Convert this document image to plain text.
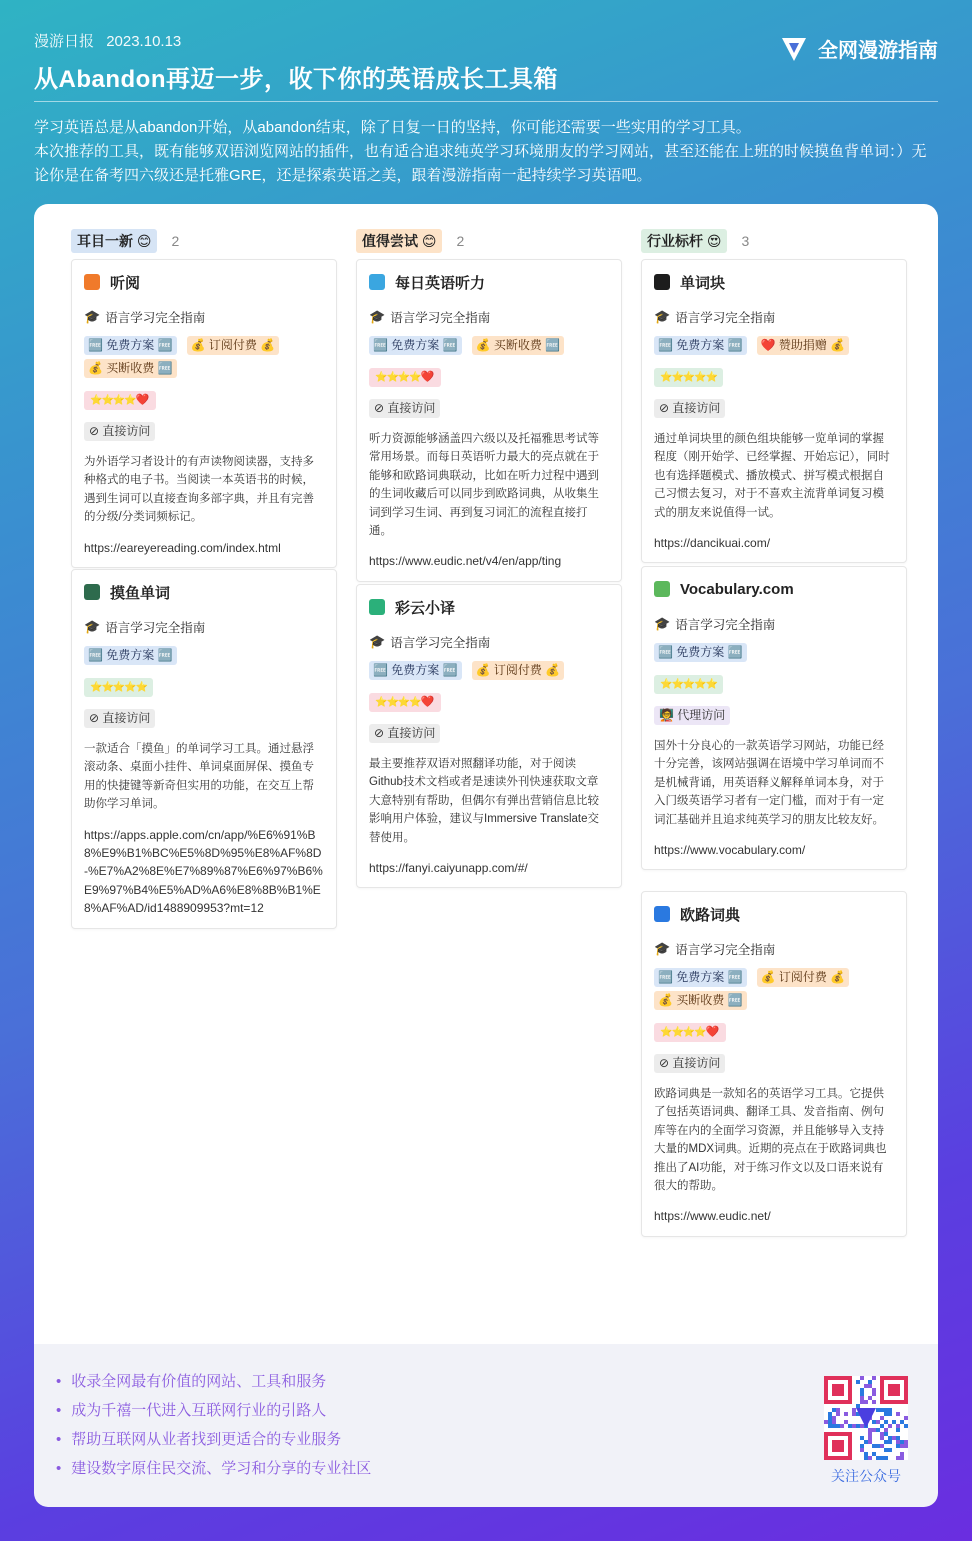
漫游日报 2023.10.13
从Abandon再迈一步，收下你的英语成长工具箱
全网漫游指南

学习英语总是从abandon开始，从abandon结束，除了日复一日的坚持，你可能还需要一些实用的学习工具。

本次推荐的工具，既有能够双语浏览网站的插件，也有适合追求纯英学习环境朋友的学习网站，甚至还能在上班的时候摸鱼背单词：）无论你是在备考四六级还是托雅GRE，还是探索英语之美，跟着漫游指南一起持续学习英语吧。

耳目一新 😊	2
听阅
🎓 语言学习完全指南
🆓 免费方案 🆓	💰 订阅付费 💰
💰 买断收费 🆓
⭐⭐⭐⭐❤️
⊘ 直接访问
为外语学习者设计的有声读物阅读器，支持多种格式的电子书。当阅读一本英语书的时候，遇到生词可以直接查询多部字典，并且有完善的分级/分类词频标记。
https://eareyereading.com/index.html
摸鱼单词
🎓 语言学习完全指南
🆓 免费方案 🆓
⭐⭐⭐⭐⭐
⊘ 直接访问
一款适合「摸鱼」的单词学习工具。通过悬浮滚动条、桌面小挂件、单词桌面屏保、摸鱼专用的快捷键等新奇但实用的功能，在交互上帮助你学习单词。
https://apps.apple.com/cn/app/%E6%91%B8%E9%B1%BC%E5%8D%95%E8%AF%8D-%E7%A2%8E%E7%89%87%E6%97%B6%E9%97%B4%E5%AD%A6%E8%8B%B1%E8%AF%AD/id1488909953?mt=12
值得尝试 😊	2
每日英语听力
🎓 语言学习完全指南
🆓 免费方案 🆓	💰 买断收费 🆓
⭐⭐⭐⭐❤️
⊘ 直接访问
听力资源能够涵盖四六级以及托福雅思考试等常用场景。而每日英语听力最大的亮点就在于能够和欧路词典联动，比如在听力过程中遇到的生词收藏后可以同步到欧路词典，从收集生词到学习生词、再到复习词汇的流程直接打通。
https://www.eudic.net/v4/en/app/ting
彩云小译
🎓 语言学习完全指南
🆓 免费方案 🆓	💰 订阅付费 💰
⭐⭐⭐⭐❤️
⊘ 直接访问
最主要推荐双语对照翻译功能，对于阅读Github技术文档或者是速读外刊快速获取文章大意特别有帮助，但偶尔有弹出营销信息比较影响用户体验，建议与Immersive Translate交替使用。
https://fanyi.caiyunapp.com/#/
行业标杆 😍	3
单词块
🎓 语言学习完全指南
🆓 免费方案 🆓	❤️ 赞助捐赠 💰
⭐⭐⭐⭐⭐
⊘ 直接访问
通过单词块里的颜色组块能够一览单词的掌握程度（刚开始学、已经掌握、开始忘记），同时也有选择题模式、播放模式、拼写模式根据自己习惯去复习，对于不喜欢主流背单词复习模式的朋友来说值得一试。
https://dancikuai.com/
Vocabulary.com
🎓 语言学习完全指南
🆓 免费方案 🆓
⭐⭐⭐⭐⭐
🧑‍🏫 代理访问
国外十分良心的一款英语学习网站，功能已经十分完善，该网站强调在语境中学习单词而不是机械背诵，用英语释义解释单词本身，对于入门级英语学习者有一定门槛，而对于有一定词汇基础并且追求纯英学习的朋友比较友好。
https://www.vocabulary.com/
欧路词典
🎓 语言学习完全指南
🆓 免费方案 🆓	💰 订阅付费 💰
💰 买断收费 🆓
⭐⭐⭐⭐❤️
⊘ 直接访问
欧路词典是一款知名的英语学习工具。它提供了包括英语词典、翻译工具、发音指南、例句库等在内的全面学习资源，并且能够导入支持大量的MDX词典。近期的亮点在于欧路词典也推出了AI功能，对于练习作文以及口语来说有很大的帮助。
https://www.eudic.net/
• 收录全网最有价值的网站、工具和服务
• 成为千禧一代进入互联网行业的引路人
• 帮助互联网从业者找到更适合的专业服务
• 建设数字原住民交流、学习和分享的专业社区	关注公众号
